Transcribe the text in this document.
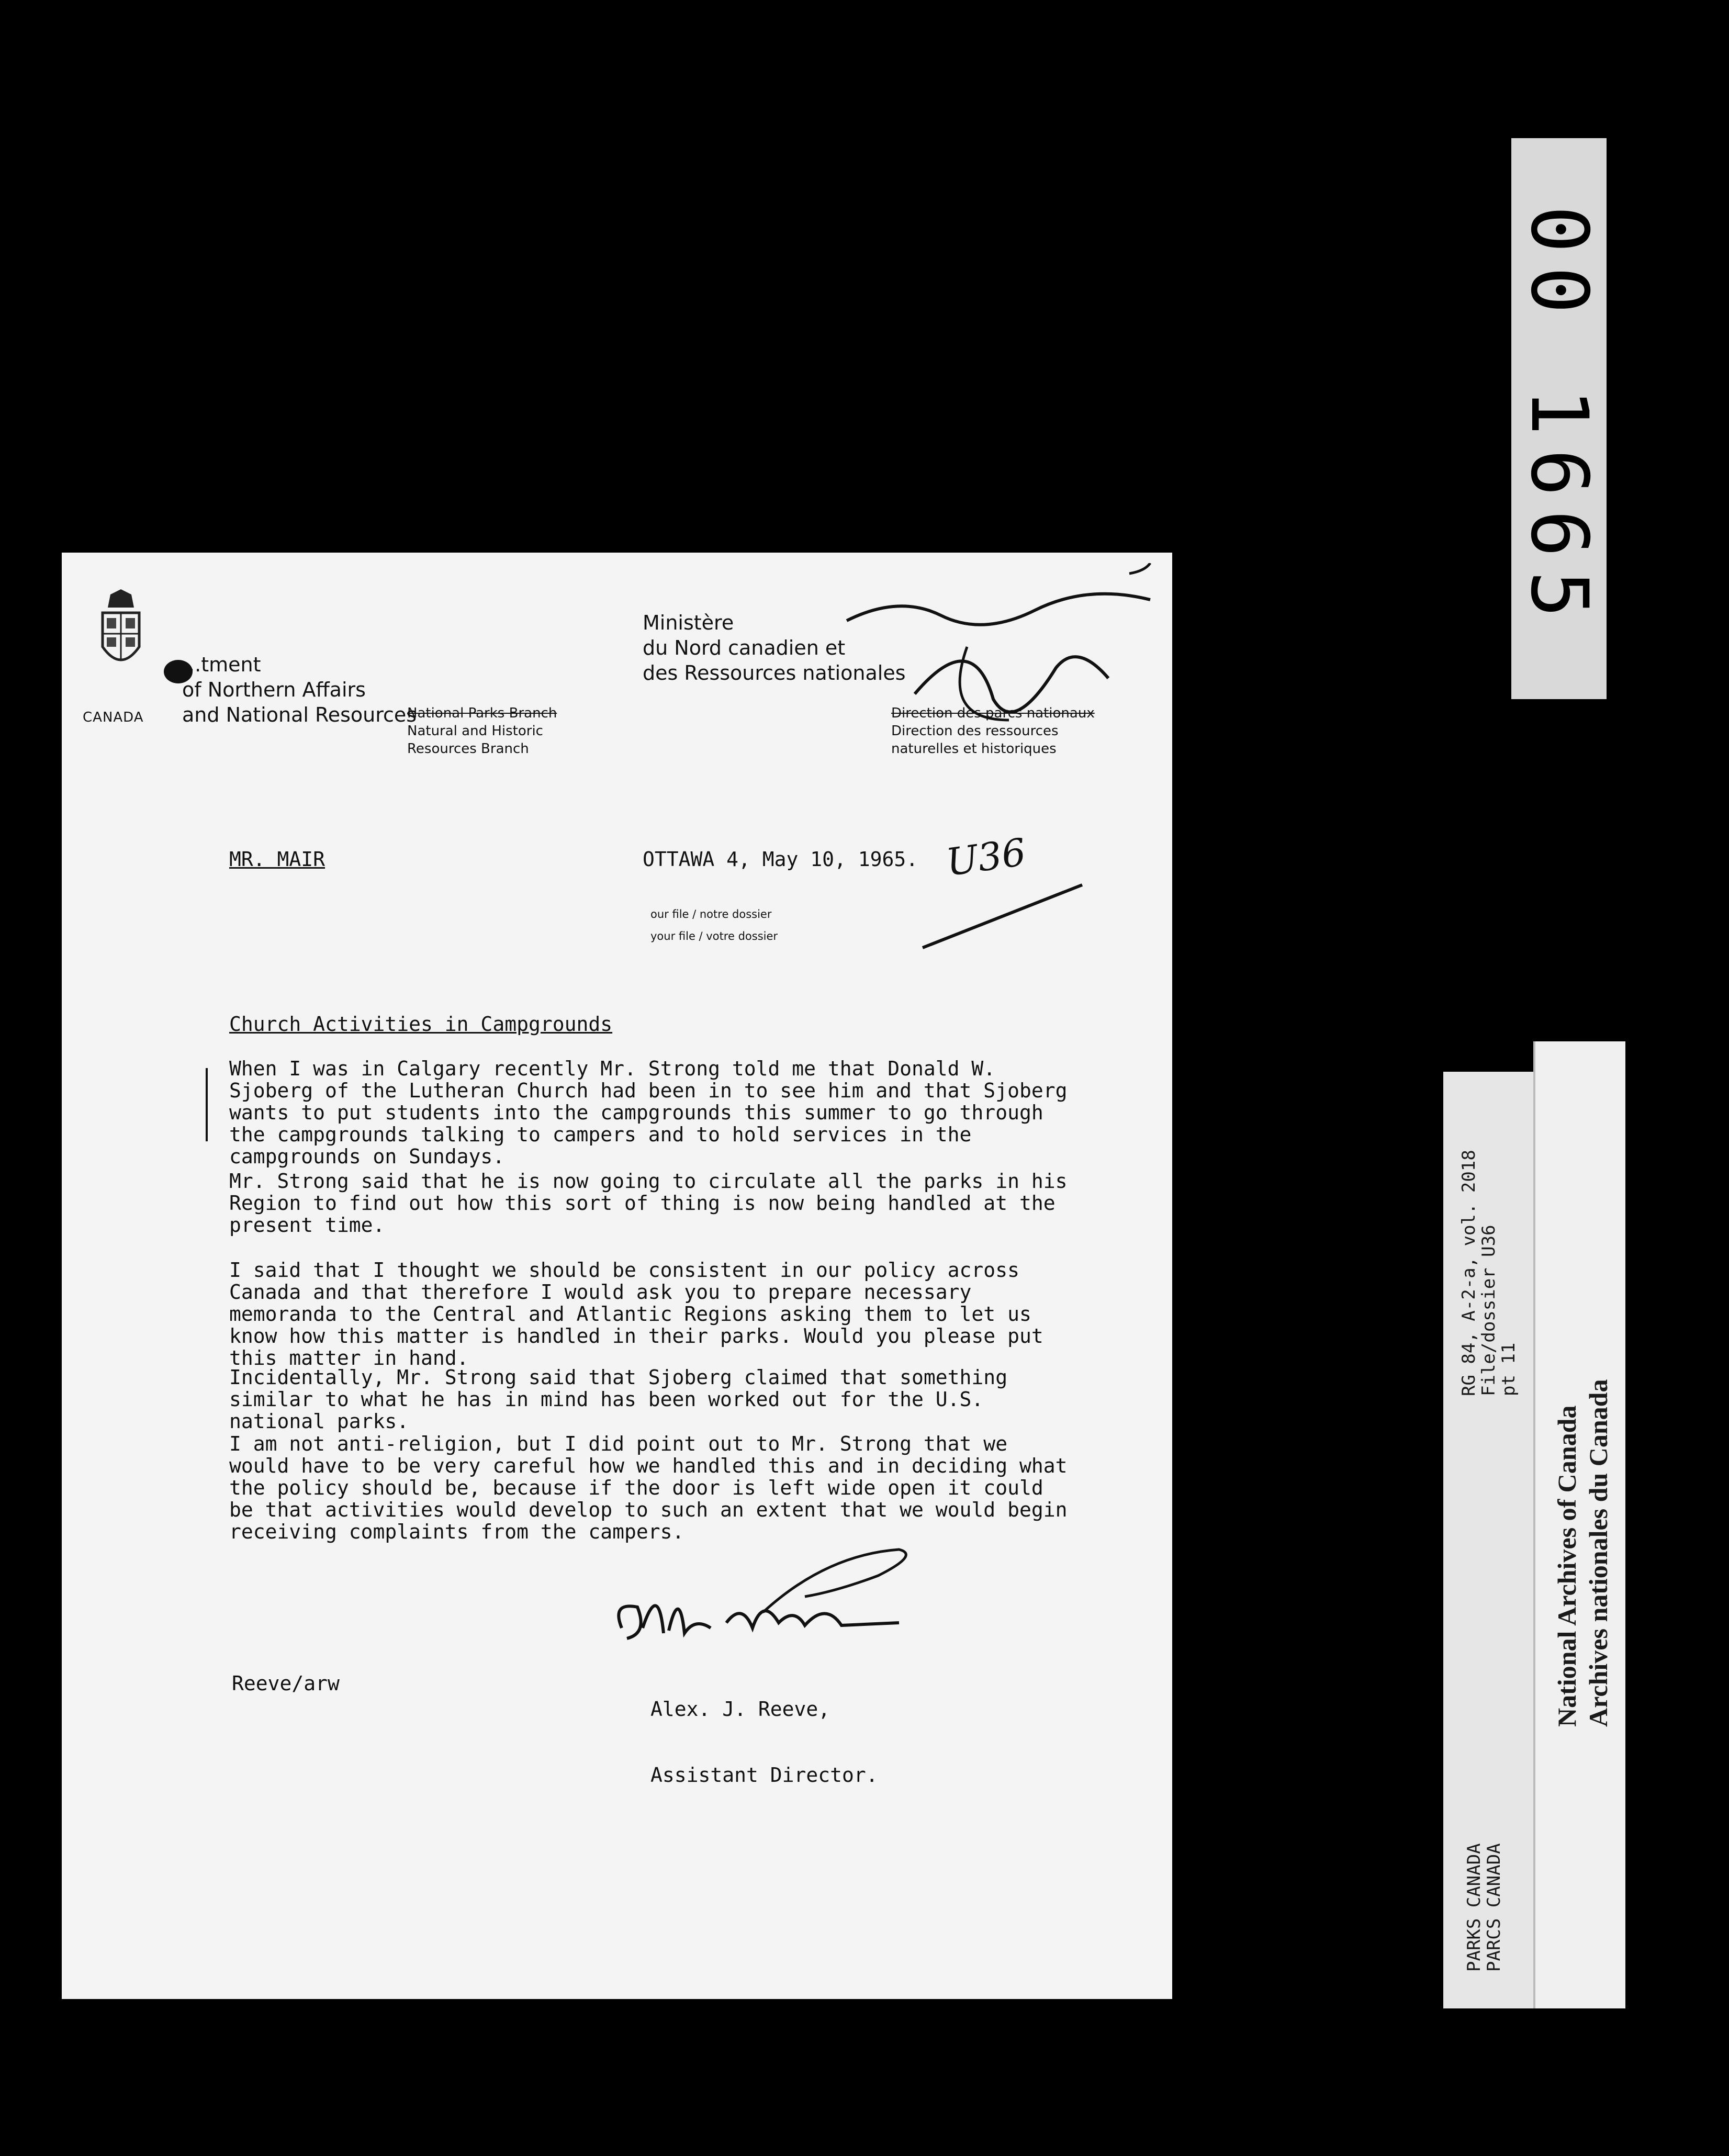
CANADA
...tment
of Northern Affairs
and National Resources
National Parks Branch
Natural and Historic
Resources Branch
Ministère
du Nord canadien et
des Ressources nationales
Direction des parcs nationaux
Direction des ressources
naturelles et historiques
MR. MAIR	OTTAWA 4, May 10, 1965. U36
our file / notre dossier
your file / votre dossier
Church Activities in Campgrounds
When I was in Calgary recently Mr. Strong told me that Donald W. Sjoberg of the Lutheran Church had been in to see him and that Sjoberg wants to put students into the campgrounds this summer to go through the campgrounds talking to campers and to hold services in the campgrounds on Sundays.
Mr. Strong said that he is now going to circulate all the parks in his Region to find out how this sort of thing is now being handled at the present time.
I said that I thought we should be consistent in our policy across Canada and that therefore I would ask you to prepare necessary memoranda to the Central and Atlantic Regions asking them to let us know how this matter is handled in their parks. Would you please put this matter in hand.
Incidentally, Mr. Strong said that Sjoberg claimed that something similar to what he has in mind has been worked out for the U.S. national parks.
I am not anti-religion, but I did point out to Mr. Strong that we would have to be very careful how we handled this and in deciding what the policy should be, because if the door is left wide open it could be that activities would develop to such an extent that we would begin receiving complaints from the campers.

Alex. J. Reeve,

Assistant Director.

Reeve/arw
00 1665
RG 84, A-2-a, vol. 2018
File/dossier U36
pt 11
PARKS CANADA
PARCS CANADA
National Archives of Canada Archives nationales du Canada
